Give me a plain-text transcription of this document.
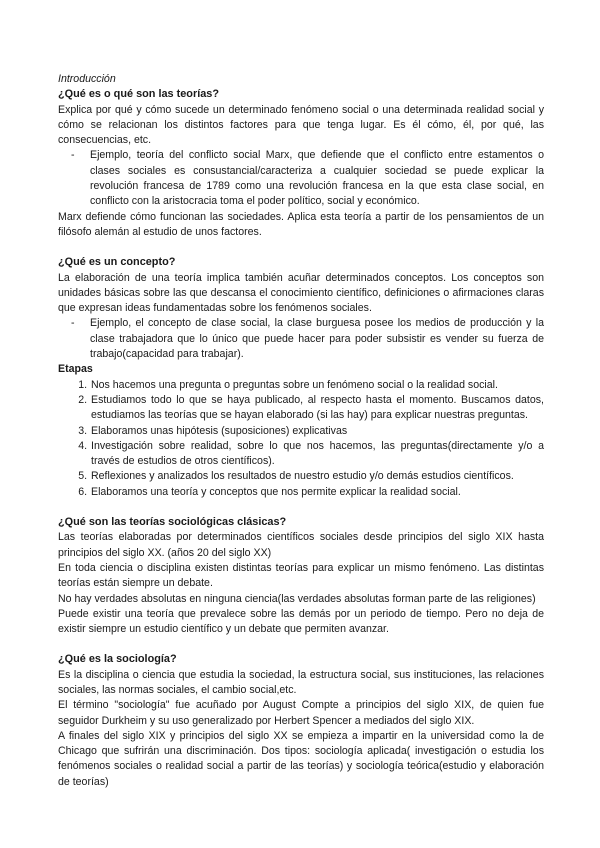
Introducción

¿Qué es o qué son las teorías?

Explica por qué y cómo sucede un determinado fenómeno social o una determinada realidad social y cómo se relacionan los distintos factores para que tenga lugar. Es él cómo, él, por qué, las consecuencias, etc.

- Ejemplo, teoría del conflicto social Marx, que defiende que el conflicto entre estamentos o clases sociales es consustancial/caracteriza a cualquier sociedad se puede explicar la revolución francesa de 1789 como una revolución francesa en la que esta clase social, en conflicto con la aristocracia toma el poder político, social y económico.

Marx defiende cómo funcionan las sociedades. Aplica esta teoría a partir de los pensamientos de un filósofo alemán al estudio de unos factores.

¿Qué es un concepto?

La elaboración de una teoría implica también acuñar determinados conceptos. Los conceptos son unidades básicas sobre las que descansa el conocimiento científico, definiciones o afirmaciones claras que expresan ideas fundamentadas sobre los fenómenos sociales.

- Ejemplo, el concepto de clase social, la clase burguesa posee los medios de producción y la clase trabajadora que lo único que puede hacer para poder subsistir es vender su fuerza de trabajo(capacidad para trabajar).

Etapas

1. Nos hacemos una pregunta o preguntas sobre un fenómeno social o la realidad social.
2. Estudiamos todo lo que se haya publicado, al respecto hasta el momento. Buscamos datos, estudiamos las teorías que se hayan elaborado (si las hay) para explicar nuestras preguntas.
3. Elaboramos unas hipótesis (suposiciones) explicativas
4. Investigación sobre realidad, sobre lo que nos hacemos, las preguntas(directamente y/o a través de estudios de otros científicos).
5. Reflexiones y analizados los resultados de nuestro estudio y/o demás estudios científicos.
6. Elaboramos una teoría y conceptos que nos permite explicar la realidad social.
¿Qué son las teorías sociológicas clásicas?

Las teorías elaboradas por determinados científicos sociales desde principios del siglo XIX hasta principios del siglo XX. (años 20 del siglo XX)

En toda ciencia o disciplina existen distintas teorías para explicar un mismo fenómeno. Las distintas teorías están siempre un debate.

No hay verdades absolutas en ninguna ciencia(las verdades absolutas forman parte de las religiones)

Puede existir una teoría que prevalece sobre las demás por un periodo de tiempo. Pero no deja de existir siempre un estudio científico y un debate que permiten avanzar.

¿Qué es la sociología?

Es la disciplina o ciencia que estudia la sociedad, la estructura social, sus instituciones, las relaciones sociales, las normas sociales, el cambio social,etc.

El término "sociología" fue acuñado por August Compte a principios del siglo XIX, de quien fue seguidor Durkheim y su uso generalizado por Herbert Spencer a mediados del siglo XIX.

A finales del siglo XIX y principios del siglo XX se empieza a impartir en la universidad como la de Chicago que sufrirán una discriminación. Dos tipos: sociología aplicada( investigación o estudia los fenómenos sociales o realidad social a partir de las teorías) y sociología teórica(estudio y elaboración de teorías)
